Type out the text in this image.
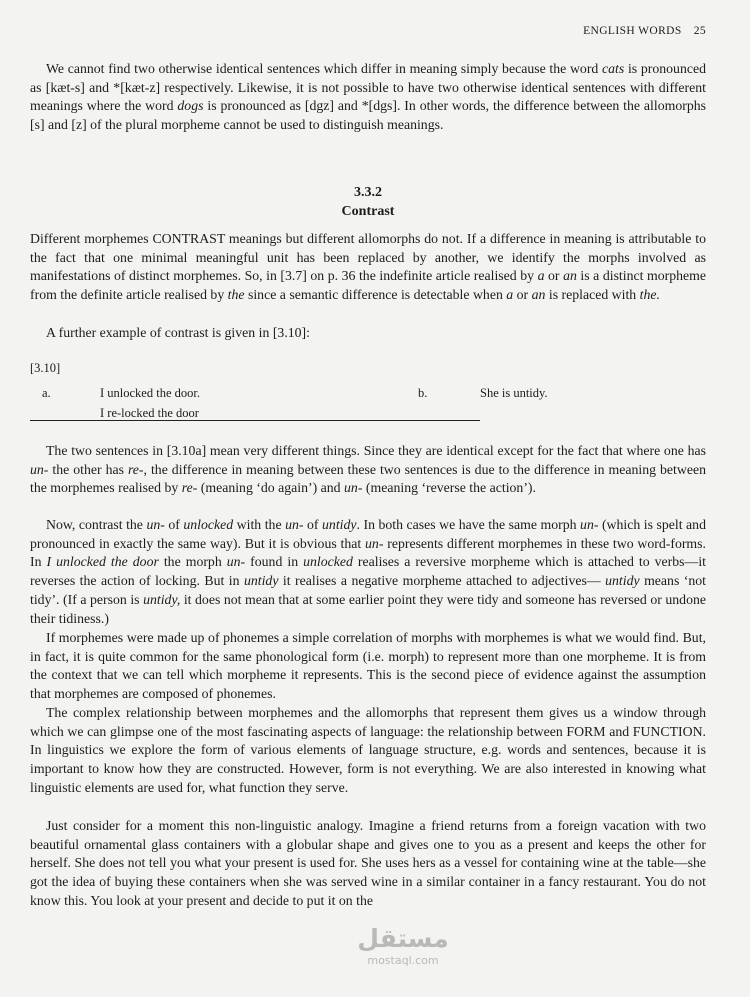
ENGLISH WORDS 25

We cannot find two otherwise identical sentences which differ in meaning simply because the word cats is pronounced as [kæt-s] and *[kæt-z] respectively. Likewise, it is not possible to have two otherwise identical sentences with different meanings where the word dogs is pronounced as [dgz] and *[dgs]. In other words, the difference between the allomorphs [s] and [z] of the plural morpheme cannot be used to distinguish meanings.

3.3.2
Contrast

Different morphemes CONTRAST meanings but different allomorphs do not. If a difference in meaning is attributable to the fact that one minimal meaningful unit has been replaced by another, we identify the morphs involved as manifestations of distinct morphemes. So, in [3.7] on p. 36 the indefinite article realised by a or an is a distinct morpheme from the definite article realised by the since a semantic difference is detectable when a or an is replaced with the.

A further example of contrast is given in [3.10]:

[3.10]
a.	I unlocked the door.
I re-locked the door
b.	She is untidy.

The two sentences in [3.10a] mean very different things. Since they are identical except for the fact that where one has un- the other has re-, the difference in meaning between these two sentences is due to the difference in meaning between the morphemes realised by re- (meaning ‘do again’) and un- (meaning ‘reverse the action’).

Now, contrast the un- of unlocked with the un- of untidy. In both cases we have the same morph un- (which is spelt and pronounced in exactly the same way). But it is obvious that un- represents different morphemes in these two word-forms. In I unlocked the door the morph un- found in unlocked realises a reversive morpheme which is attached to verbs—it reverses the action of locking. But in untidy it realises a negative morpheme attached to adjectives— untidy means ‘not tidy’. (If a person is untidy, it does not mean that at some earlier point they were tidy and someone has reversed or undone their tidiness.)

If morphemes were made up of phonemes a simple correlation of morphs with morphemes is what we would find. But, in fact, it is quite common for the same phonological form (i.e. morph) to represent more than one morpheme. It is from the context that we can tell which morpheme it represents. This is the second piece of evidence against the assumption that morphemes are composed of phonemes.

The complex relationship between morphemes and the allomorphs that represent them gives us a window through which we can glimpse one of the most fascinating aspects of language: the relationship between FORM and FUNCTION. In linguistics we explore the form of various elements of language structure, e.g. words and sentences, because it is important to know how they are constructed. However, form is not everything. We are also interested in knowing what linguistic elements are used for, what function they serve.

Just consider for a moment this non-linguistic analogy. Imagine a friend returns from a foreign vacation with two beautiful ornamental glass containers with a globular shape and gives one to you as a present and keeps the other for herself. She does not tell you what your present is used for. She uses hers as a vessel for containing wine at the table—she got the idea of buying these containers when she was served wine in a similar container in a fancy restaurant. You do not know this. You look at your present and decide to put it on the

مستقل
mostaql.com
